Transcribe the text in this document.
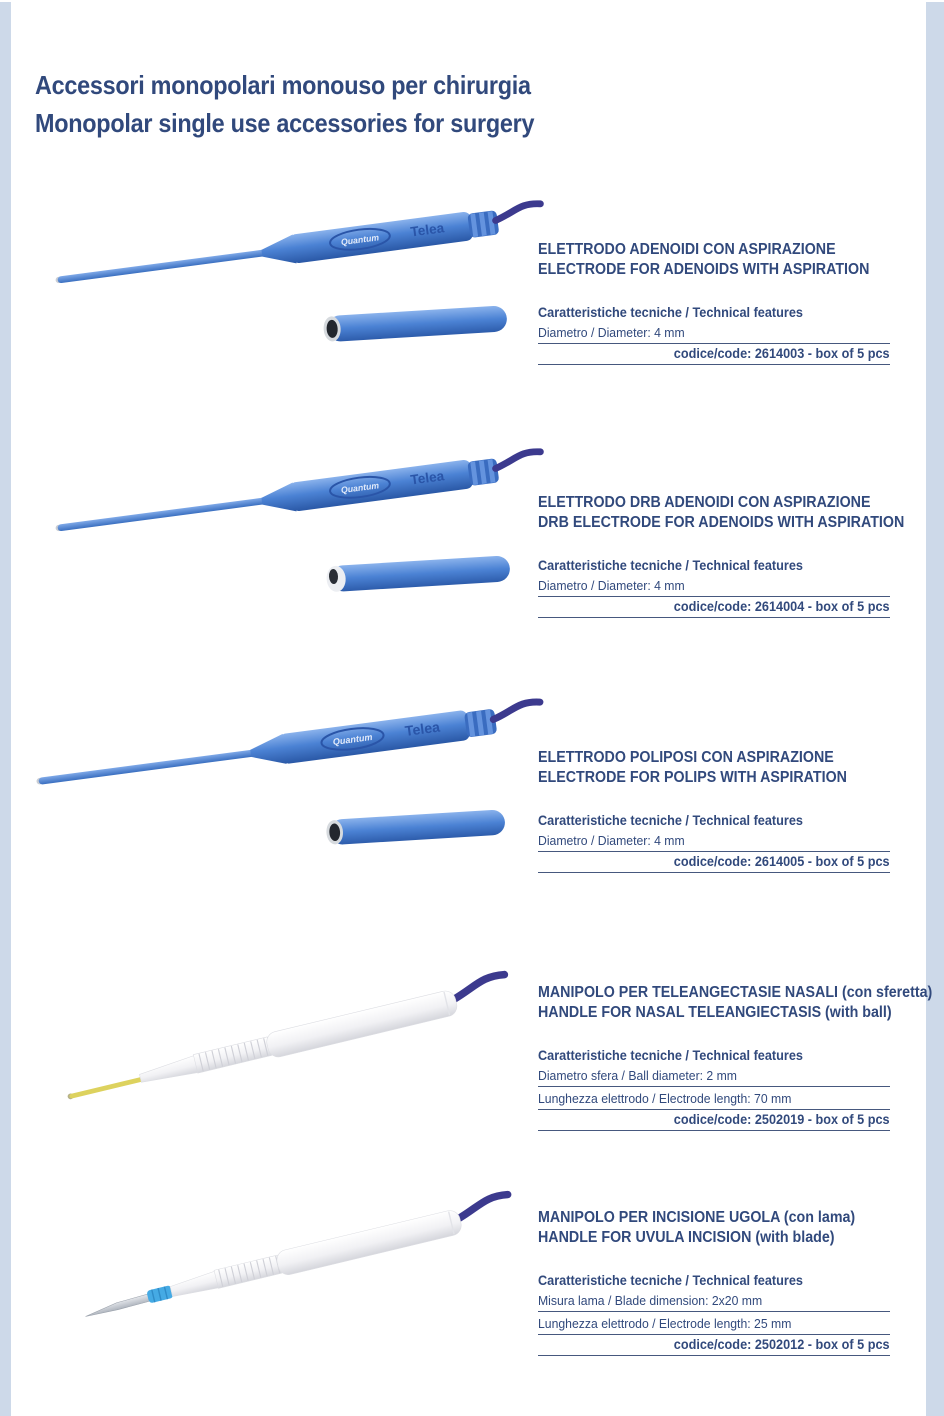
Accessori monopolari monouso per chirurgia
Monopolar single use accessories for surgery
Quantum
Telea
ELETTRODO ADENOIDI CON ASPIRAZIONE
ELECTRODE FOR ADENOIDS WITH ASPIRATION
Caratteristiche tecniche / Technical features
Diametro / Diameter: 4 mm
codice/code: 2614003 - box of 5 pcs
Quantum
Telea
ELETTRODO DRB ADENOIDI CON ASPIRAZIONE
DRB ELECTRODE FOR ADENOIDS WITH ASPIRATION
Caratteristiche tecniche / Technical features
Diametro / Diameter: 4 mm
codice/code: 2614004 - box of 5 pcs
Quantum
Telea
ELETTRODO POLIPOSI CON ASPIRAZIONE
ELECTRODE FOR POLIPS WITH ASPIRATION
Caratteristiche tecniche / Technical features
Diametro / Diameter: 4 mm
codice/code: 2614005 - box of 5 pcs
MANIPOLO PER TELEANGECTASIE NASALI (con sferetta)
HANDLE FOR NASAL TELEANGIECTASIS (with ball)
Caratteristiche tecniche / Technical features
Diametro sfera / Ball diameter: 2 mm
Lunghezza elettrodo / Electrode length: 70 mm
codice/code: 2502019 - box of 5 pcs
MANIPOLO PER INCISIONE UGOLA (con lama)
HANDLE FOR UVULA INCISION (with blade)
Caratteristiche tecniche / Technical features
Misura lama / Blade dimension: 2x20 mm
Lunghezza elettrodo / Electrode length: 25 mm
codice/code: 2502012 - box of 5 pcs
